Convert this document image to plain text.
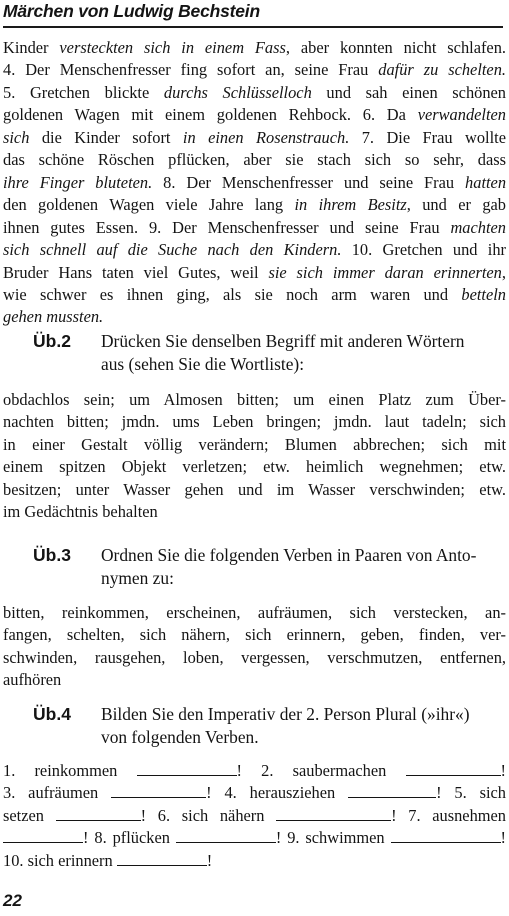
Märchen von Ludwig Bechstein
Kinder versteckten sich in einem Fass, aber konnten nicht schlafen.
4. Der Menschenfresser fing sofort an, seine Frau dafür zu schelten.
5. Gretchen blickte durchs Schlüsselloch und sah einen schönen
goldenen Wagen mit einem goldenen Rehbock. 6. Da verwandelten
sich die Kinder sofort in einen Rosenstrauch. 7. Die Frau wollte
das schöne Röschen pflücken, aber sie stach sich so sehr, dass
ihre Finger bluteten. 8. Der Menschenfresser und seine Frau hatten
den goldenen Wagen viele Jahre lang in ihrem Besitz, und er gab
ihnen gutes Essen. 9. Der Menschenfresser und seine Frau machten
sich schnell auf die Suche nach den Kindern. 10. Gretchen und ihr
Bruder Hans taten viel Gutes, weil sie sich immer daran erinnerten,
wie schwer es ihnen ging, als sie noch arm waren und betteln
gehen mussten.
Üb.2 Drücken Sie denselben Begriff mit anderen Wörtern
aus (sehen Sie die Wortliste):
obdachlos sein; um Almosen bitten; um einen Platz zum Über-
nachten bitten; jmdn. ums Leben bringen; jmdn. laut tadeln; sich
in einer Gestalt völlig verändern; Blumen abbrechen; sich mit
einem spitzen Objekt verletzen; etw. heimlich wegnehmen; etw.
besitzen; unter Wasser gehen und im Wasser verschwinden; etw.
im Gedächtnis behalten
Üb.3 Ordnen Sie die folgenden Verben in Paaren von Anto-
nymen zu:
bitten, reinkommen, erscheinen, aufräumen, sich verstecken, an-
fangen, schelten, sich nähern, sich erinnern, geben, finden, ver-
schwinden, rausgehen, loben, vergessen, verschmutzen, entfernen,
aufhören
Üb.4 Bilden Sie den Imperativ der 2. Person Plural (»ihr«)
von folgenden Verben.
1. reinkommen	! 2. saubermachen	!
3. aufräumen	! 4. herausziehen	! 5. sich
setzen	! 6. sich nähern	! 7. ausnehmen
! 8. pflücken	! 9. schwimmen	!
10. sich erinnern	!
22
